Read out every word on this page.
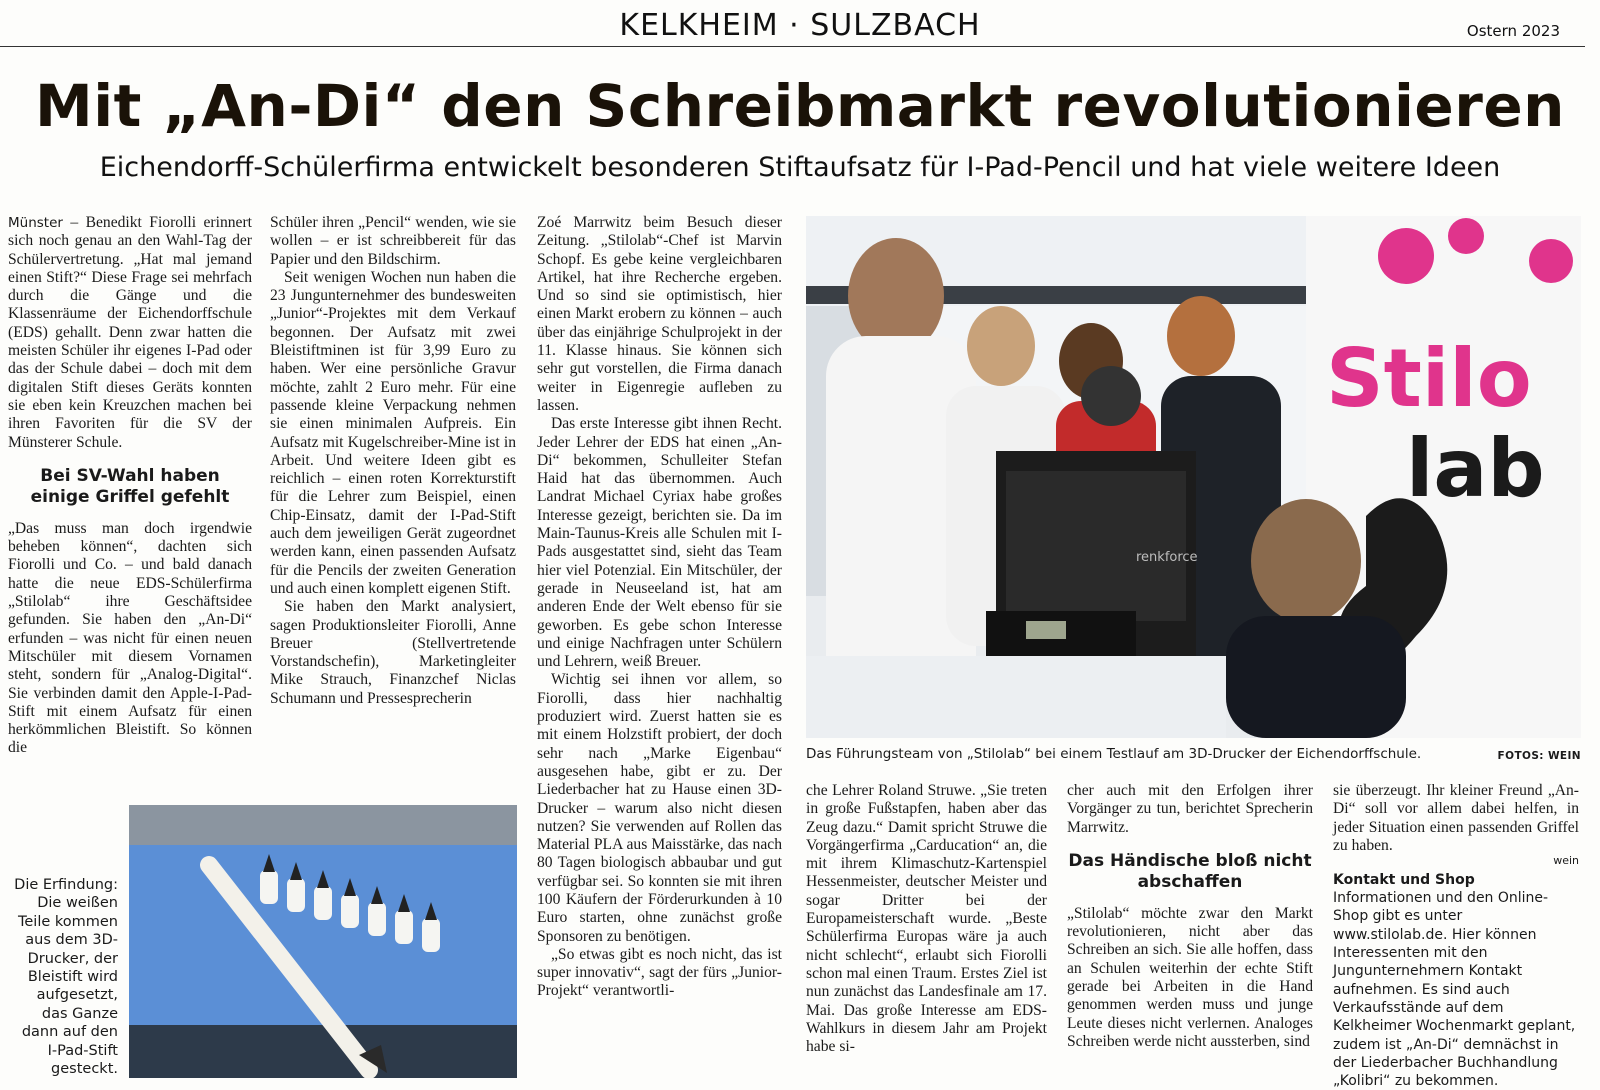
KELKHEIM · SULZBACH	Ostern 2023
Mit „An-Di“ den Schreibmarkt revolutionieren
Eichendorff-Schülerfirma entwickelt besonderen Stiftaufsatz für I-Pad-Pencil und hat viele weitere Ideen

Münster – Benedikt Fiorolli erinnert sich noch genau an den Wahl-Tag der Schülervertretung. „Hat mal jemand einen Stift?“ Diese Frage sei mehrfach durch die Gänge und die Klassenräume der Eichendorffschule (EDS) gehallt. Denn zwar hatten die meisten Schüler ihr eigenes I-Pad oder das der Schule dabei – doch mit dem digitalen Stift dieses Geräts konnten sie eben kein Kreuzchen machen bei ihren Favoriten für die SV der Münsterer Schule.

Bei SV-Wahl haben einige Griffel gefehlt

„Das muss man doch irgendwie beheben können“, dachten sich Fiorolli und Co. – und bald danach hatte die neue EDS-Schülerfirma „Stilolab“ ihre Geschäftsidee gefunden. Sie haben den „An-Di“ erfunden – was nicht für einen neuen Mitschüler mit diesem Vornamen steht, sondern für „Analog-Digital“. Sie verbinden damit den Apple-I-Pad-Stift mit einem Aufsatz für einen herkömmlichen Bleistift. So können die

Schüler ihren „Pencil“ wenden, wie sie wollen – er ist schreibbereit für das Papier und den Bildschirm.

Seit wenigen Wochen nun haben die 23 Jungunternehmer des bundesweiten „Junior“-Projektes mit dem Verkauf begonnen. Der Aufsatz mit zwei Bleistiftminen ist für 3,99 Euro zu haben. Wer eine persönliche Gravur möchte, zahlt 2 Euro mehr. Für eine passende kleine Verpackung nehmen sie einen minimalen Aufpreis. Ein Aufsatz mit Kugelschreiber-Mine ist in Arbeit. Und weitere Ideen gibt es reichlich – einen roten Korrekturstift für die Lehrer zum Beispiel, einen Chip-Einsatz, damit der I-Pad-Stift auch dem jeweiligen Gerät zugeordnet werden kann, einen passenden Aufsatz für die Pencils der zweiten Generation und auch einen komplett eigenen Stift.

Sie haben den Markt analysiert, sagen Produktionsleiter Fiorolli, Anne Breuer (Stellvertretende Vorstandschefin), Marketingleiter Mike Strauch, Finanzchef Niclas Schumann und Pressesprecherin

Zoé Marrwitz beim Besuch dieser Zeitung. „Stilolab“-Chef ist Marvin Schopf. Es gebe keine vergleichbaren Artikel, hat ihre Recherche ergeben. Und so sind sie optimistisch, hier einen Markt erobern zu können – auch über das einjährige Schulprojekt in der 11. Klasse hinaus. Sie können sich sehr gut vorstellen, die Firma danach weiter in Eigenregie aufleben zu lassen.

Das erste Interesse gibt ihnen Recht. Jeder Lehrer der EDS hat einen „An-Di“ bekommen, Schulleiter Stefan Haid hat das übernommen. Auch Landrat Michael Cyriax habe großes Interesse gezeigt, berichten sie. Da im Main-Taunus-Kreis alle Schulen mit I-Pads ausgestattet sind, sieht das Team hier viel Potenzial. Ein Mitschüler, der gerade in Neuseeland ist, hat am anderen Ende der Welt ebenso für sie geworben. Es gebe schon Interesse und einige Nachfragen unter Schülern und Lehrern, weiß Breuer.

Wichtig sei ihnen vor allem, so Fiorolli, dass hier nachhaltig produziert wird. Zuerst hatten sie es mit einem Holzstift probiert, der doch sehr nach „Marke Eigenbau“ ausgesehen habe, gibt er zu. Der Liederbacher hat zu Hause einen 3D-Drucker – warum also nicht diesen nutzen? Sie verwenden auf Rollen das Material PLA aus Maisstärke, das nach 80 Tagen biologisch abbaubar und gut verfügbar sei. So konnten sie mit ihren 100 Käufern der Förderurkunden à 10 Euro starten, ohne zunächst große Sponsoren zu benötigen.

„So etwas gibt es noch nicht, das ist super innovativ“, sagt der fürs „Junior-Projekt“ verantwortli-

Stilo
lab
renkforce
Das Führungsteam von „Stilolab“ bei einem Testlauf am 3D-Drucker der Eichendorffschule.	FOTOS: WEIN

che Lehrer Roland Struwe. „Sie treten in große Fußstapfen, haben aber das Zeug dazu.“ Damit spricht Struwe die Vorgängerfirma „Carducation“ an, die mit ihrem Klimaschutz-Kartenspiel Hessenmeister, deutscher Meister und sogar Dritter bei der Europameisterschaft wurde. „Beste Schülerfirma Europas wäre ja auch nicht schlecht“, erlaubt sich Fiorolli schon mal einen Traum. Erstes Ziel ist nun zunächst das Landesfinale am 17. Mai. Das große Interesse am EDS-Wahlkurs in diesem Jahr am Projekt habe si-

cher auch mit den Erfolgen ihrer Vorgänger zu tun, berichtet Sprecherin Marrwitz.

Das Händische bloß nicht abschaffen

„Stilolab“ möchte zwar den Markt revolutionieren, nicht aber das Schreiben an sich. Sie alle hoffen, dass an Schulen weiterhin der echte Stift gerade bei Arbeiten in die Hand genommen werden muss und junge Leute dieses nicht verlernen. Analoges Schreiben werde nicht aussterben, sind

sie überzeugt. Ihr kleiner Freund „An-Di“ soll vor allem dabei helfen, in jeder Situation einen passenden Griffel zu haben.

wein
Kontakt und Shop
Informationen und den Online-Shop gibt es unter www.stilolab.de. Hier können Interessenten mit den Jungunternehmern Kontakt aufnehmen. Es sind auch Verkaufsstände auf dem Kelkheimer Wochenmarkt geplant, zudem ist „An-Di“ demnächst in der Liederbacher Buchhandlung „Kolibri“ zu bekommen.
Die Erfindung: Die weißen Teile kommen aus dem 3D-Drucker, der Bleistift wird aufgesetzt, das Ganze dann auf den I-Pad-Stift gesteckt.
